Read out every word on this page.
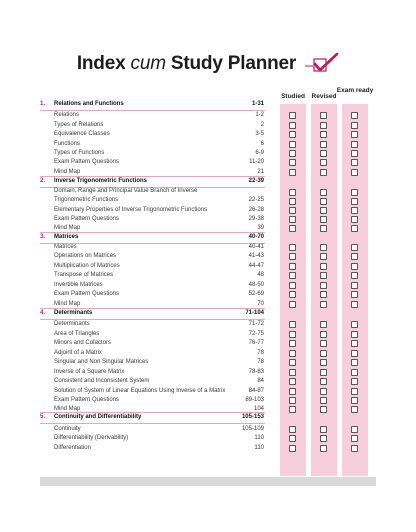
Index cum Study Planner
Studied	Revised
Exam ready
1.	Relations and Functions	1-31
Relations	1-2
Types of Relations	2
Equivalence Classes	3-5
Functions	6
Types of Functions	6-9
Exam Pattern Questions	11-20
Mind Map	21
2.	Inverse Trigonometric Functions	22-39
Domain, Range and Principal Value Branch of Inverse
Trigonometric Functions	22-25
Elementary Properties of Inverse Trigonometric Functions	26-28
Exam Pattern Questions	29-38
Mind Map	39
3.	Matrices	40-70
Matrices	40-41
Operations on Matrices	41-43
Multiplication of Matrices	44-47
Transpose of Matrices	48
Invertible Matrices	48-50
Exam Pattern Questions	52-69
Mind Map	70
4.	Determinants	71-104
Determinants	71-72
Area of Triangles	72-75
Minors and Cofactors	76-77
Adjoint of a Matrix	78
Singular and Non Singular Matrices	78
Inverse of a Square Matrix	78-83
Consistent and Inconsistent System	84
Solution of System of Linear Equations Using Inverse of a Matrix	84-87
Exam Pattern Questions	89-103
Mind Map	104
5.	Continuity and Differentiability	105-153
Continuity	105-109
Differentiability (Derivability)	110
Differentiation	110
